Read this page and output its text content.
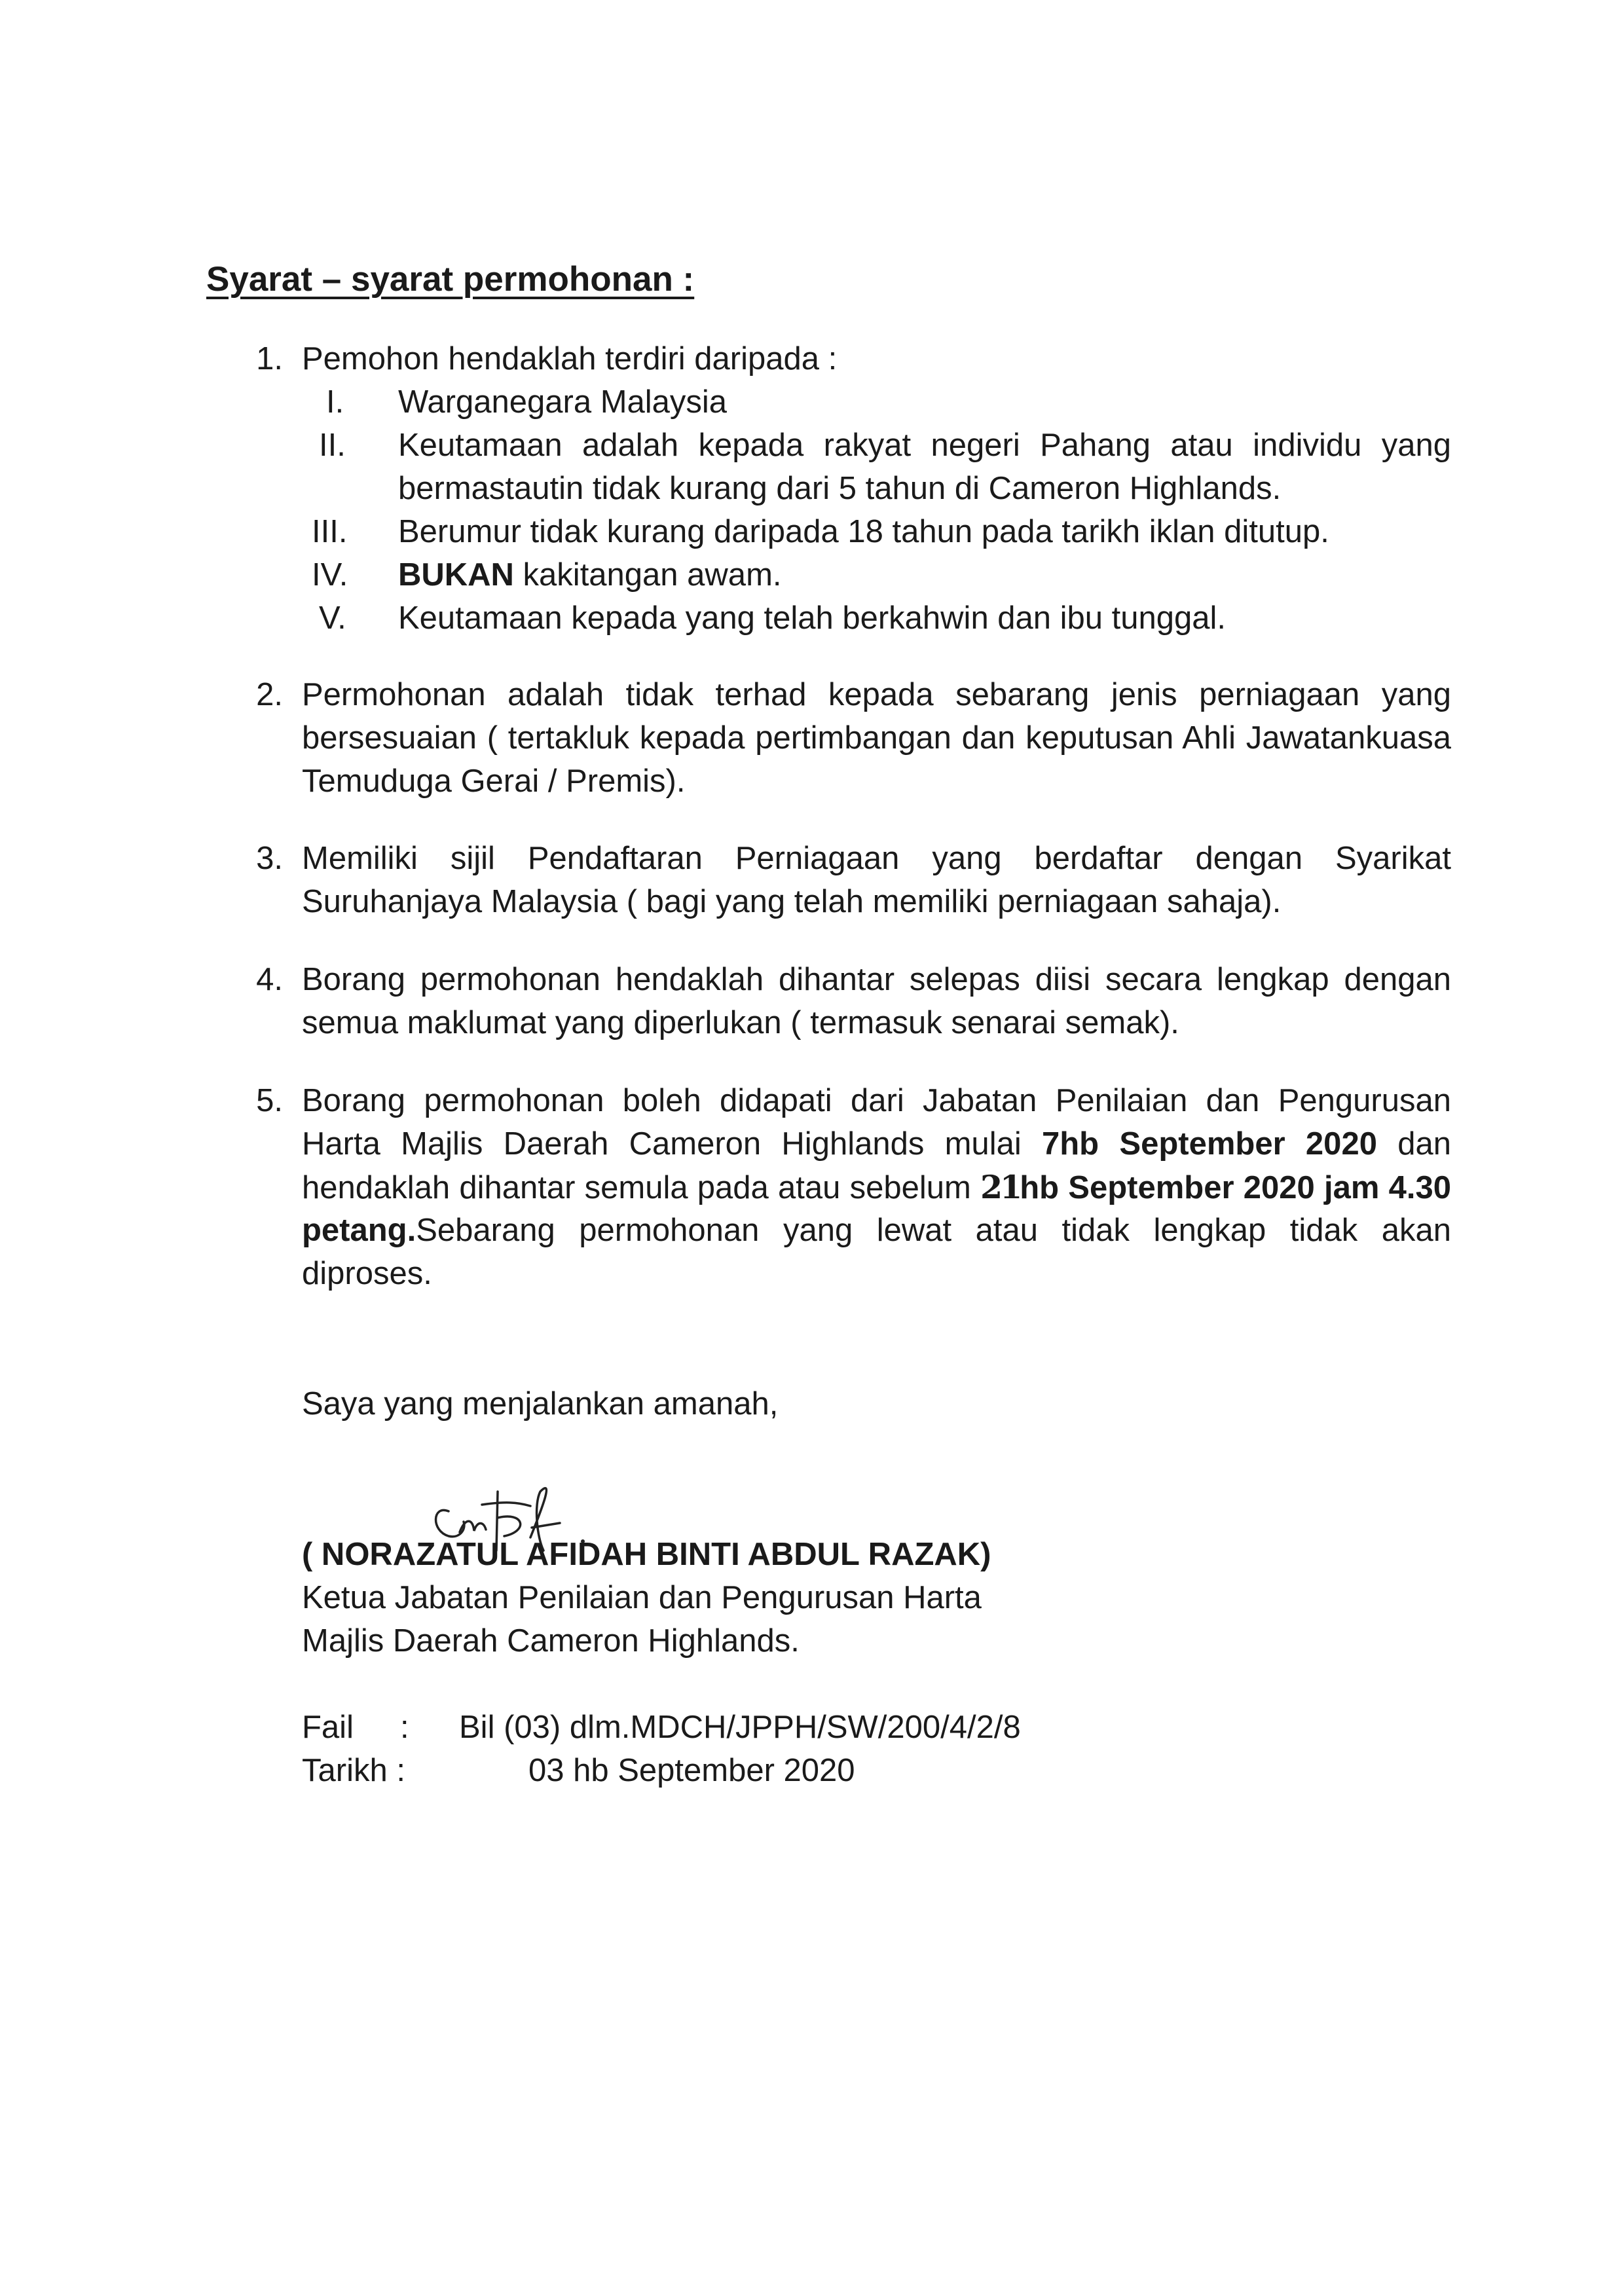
Syarat – syarat permohonan :
1. Pemohon hendaklah terdiri daripada :
I.	Warganegara Malaysia
II.	Keutamaan adalah kepada rakyat negeri Pahang atau individu yang
bermastautin tidak kurang dari 5 tahun di Cameron Highlands.
III.	Berumur tidak kurang daripada 18 tahun pada tarikh iklan ditutup.
IV.	BUKAN kakitangan awam.
V.	Keutamaan kepada yang telah berkahwin dan ibu tunggal.
2. Permohonan adalah tidak terhad kepada sebarang jenis perniagaan yang
bersesuaian ( tertakluk kepada pertimbangan dan keputusan Ahli Jawatankuasa
Temuduga Gerai / Premis).
3. Memiliki sijil Pendaftaran Perniagaan yang berdaftar dengan Syarikat
Suruhanjaya Malaysia ( bagi yang telah memiliki perniagaan sahaja).
4. Borang permohonan hendaklah dihantar selepas diisi secara lengkap dengan
semua maklumat yang diperlukan ( termasuk senarai semak).
5. Borang permohonan boleh didapati dari Jabatan Penilaian dan Pengurusan
Harta Majlis Daerah Cameron Highlands mulai 7hb September 2020 dan
hendaklah dihantar semula pada atau sebelum 21hb September 2020 jam 4.30
petang.Sebarang permohonan yang lewat atau tidak lengkap tidak akan
diproses.
Saya yang menjalankan amanah,
( NORAZATUL AFIDAH BINTI ABDUL RAZAK)
Ketua Jabatan Penilaian dan Pengurusan Harta
Majlis Daerah Cameron Highlands.
Fail : Bil (03) dlm.MDCH/JPPH/SW/200/4/2/8
Tarikh :	03 hb September 2020
